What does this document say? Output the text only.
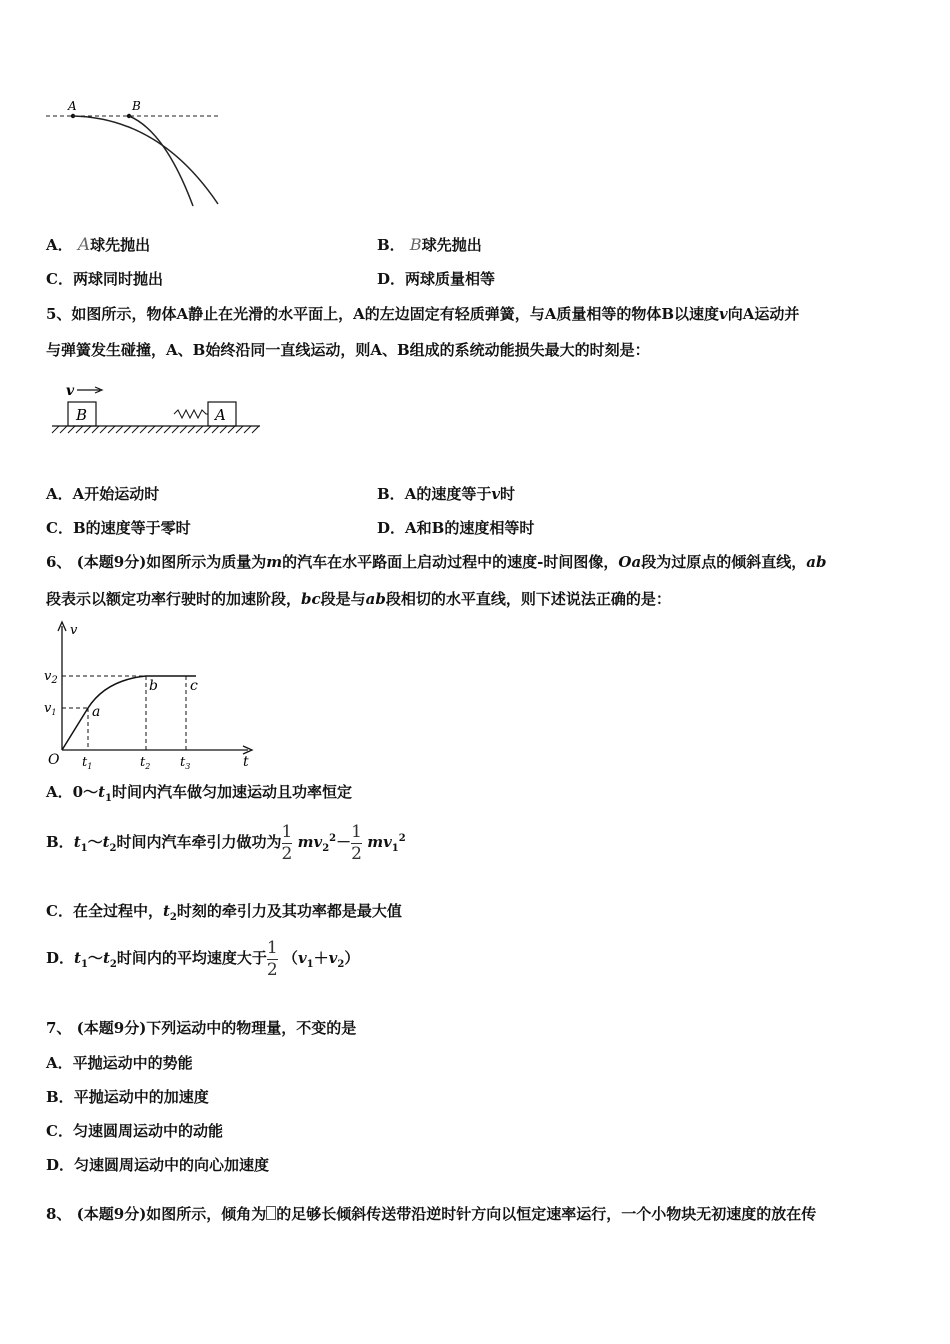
A	B
A． A球先抛出	B． B球先抛出
C．两球同时抛出	D．两球质量相等
5、如图所示，物体A静止在光滑的水平面上，A的左边固定有轻质弹簧，与A质量相等的物体B以速度v向A运动并
与弹簧发生碰撞，A、B始终沿同一直线运动，则A、B组成的系统动能损失最大的时刻是：
v
B	A
A．A开始运动时	B．A的速度等于v时
C．B的速度等于零时	D．A和B的速度相等时
6、 (本题9分)如图所示为质量为m的汽车在水平路面上启动过程中的速度-时间图像，Oa段为过原点的倾斜直线，ab
段表示以额定功率行驶时的加速阶段，bc段是与ab段相切的水平直线，则下述说法正确的是：
v
t
O
$v_2$
$v_1$
$t_1$	$t_2$ $t_3$
a
b c
A．$0\sim t_1$时间内汽车做匀加速运动且功率恒定
B．$t_1\sim t_2$时间内汽车牵引力做功为 $\frac{1}{2} mv_2^2- \frac{1}{2} mv_1^2$
C．在全过程中，$t_2$时刻的牵引力及其功率都是最大值
D．$t_1\sim t_2$时间内的平均速度大于 $\frac{1}{2} (v_1+v_2)$
7、 (本题9分)下列运动中的物理量，不变的是
A．平抛运动中的势能
B．平抛运动中的加速度
C．匀速圆周运动中的动能
D．匀速圆周运动中的向心加速度
8、 (本题9分)如图所示，倾角为 的足够长倾斜传送带沿逆时针方向以恒定速率运行，一个小物块无初速度的放在传
